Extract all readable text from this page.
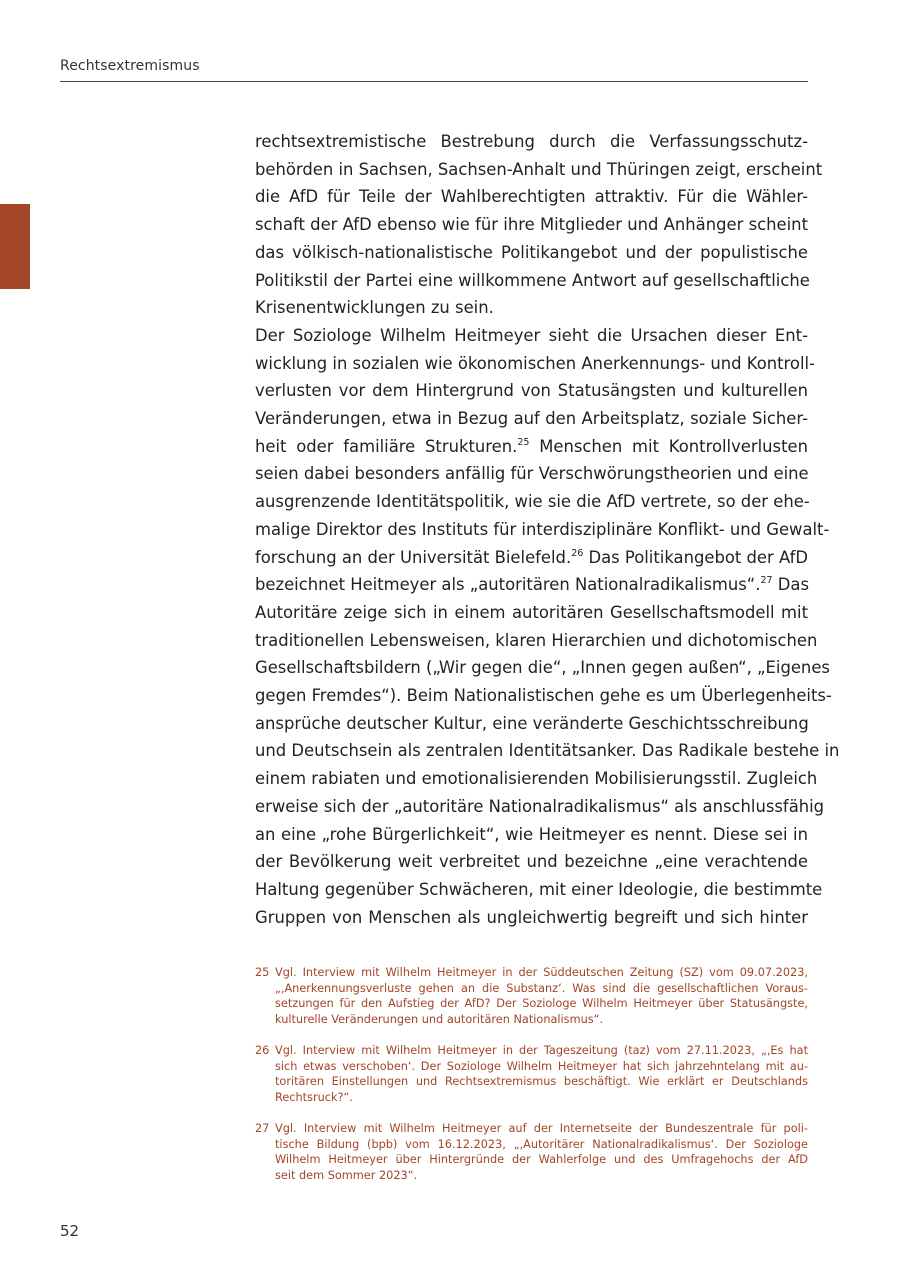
Rechtsextremismus
rechtsextremistische Bestrebung durch die Verfassungsschutz-
behörden in Sachsen, Sachsen-Anhalt und Thüringen zeigt, erscheint
die AfD für Teile der Wahlberechtigten attraktiv. Für die Wähler-
schaft der AfD ebenso wie für ihre Mitglieder und Anhänger scheint
das völkisch-nationalistische Politikangebot und der populistische
Politikstil der Partei eine willkommene Antwort auf gesellschaftliche
Krisenentwicklungen zu sein.
Der Soziologe Wilhelm Heitmeyer sieht die Ursachen dieser Ent-
wicklung in sozialen wie ökonomischen Anerkennungs- und Kontroll-
verlusten vor dem Hintergrund von Statusängsten und kulturellen
Veränderungen, etwa in Bezug auf den Arbeitsplatz, soziale Sicher-
heit oder familiäre Strukturen.$^{25}$ Menschen mit Kontrollverlusten
seien dabei besonders anfällig für Verschwörungstheorien und eine
ausgrenzende Identitätspolitik, wie sie die AfD vertrete, so der ehe-
malige Direktor des Instituts für interdisziplinäre Konflikt- und Gewalt-
forschung an der Universität Bielefeld.$^{26}$ Das Politikangebot der AfD
bezeichnet Heitmeyer als „autoritären Nationalradikalismus“.$^{27}$ Das
Autoritäre zeige sich in einem autoritären Gesellschaftsmodell mit
traditionellen Lebensweisen, klaren Hierarchien und dichotomischen
Gesellschaftsbildern („Wir gegen die“, „Innen gegen außen“, „Eigenes
gegen Fremdes“). Beim Nationalistischen gehe es um Überlegenheits-
ansprüche deutscher Kultur, eine veränderte Geschichtsschreibung
und Deutschsein als zentralen Identitätsanker. Das Radikale bestehe in
einem rabiaten und emotionalisierenden Mobilisierungsstil. Zugleich
erweise sich der „autoritäre Nationalradikalismus“ als anschlussfähig
an eine „rohe Bürgerlichkeit“, wie Heitmeyer es nennt. Diese sei in
der Bevölkerung weit verbreitet und bezeichne „eine verachtende
Haltung gegenüber Schwächeren, mit einer Ideologie, die bestimmte
Gruppen von Menschen als ungleichwertig begreift und sich hinter
25 Vgl. Interview mit Wilhelm Heitmeyer in der Süddeutschen Zeitung (SZ) vom 09.07.2023,
„‚Anerkennungsverluste gehen an die Substanz‘. Was sind die gesellschaftlichen Voraus-
setzungen für den Aufstieg der AfD? Der Soziologe Wilhelm Heitmeyer über Statusängste,
kulturelle Veränderungen und autoritären Nationalismus“.
26 Vgl. Interview mit Wilhelm Heitmeyer in der Tageszeitung (taz) vom 27.11.2023, „‚Es hat
sich etwas verschoben‘. Der Soziologe Wilhelm Heitmeyer hat sich jahrzehntelang mit au-
toritären Einstellungen und Rechtsextremismus beschäftigt. Wie erklärt er Deutschlands
Rechtsruck?“.
27 Vgl. Interview mit Wilhelm Heitmeyer auf der Internetseite der Bundeszentrale für poli-
tische Bildung (bpb) vom 16.12.2023, „‚Autoritärer Nationalradikalismus‘. Der Soziologe
Wilhelm Heitmeyer über Hintergründe der Wahlerfolge und des Umfragehochs der AfD
seit dem Sommer 2023“.
52
